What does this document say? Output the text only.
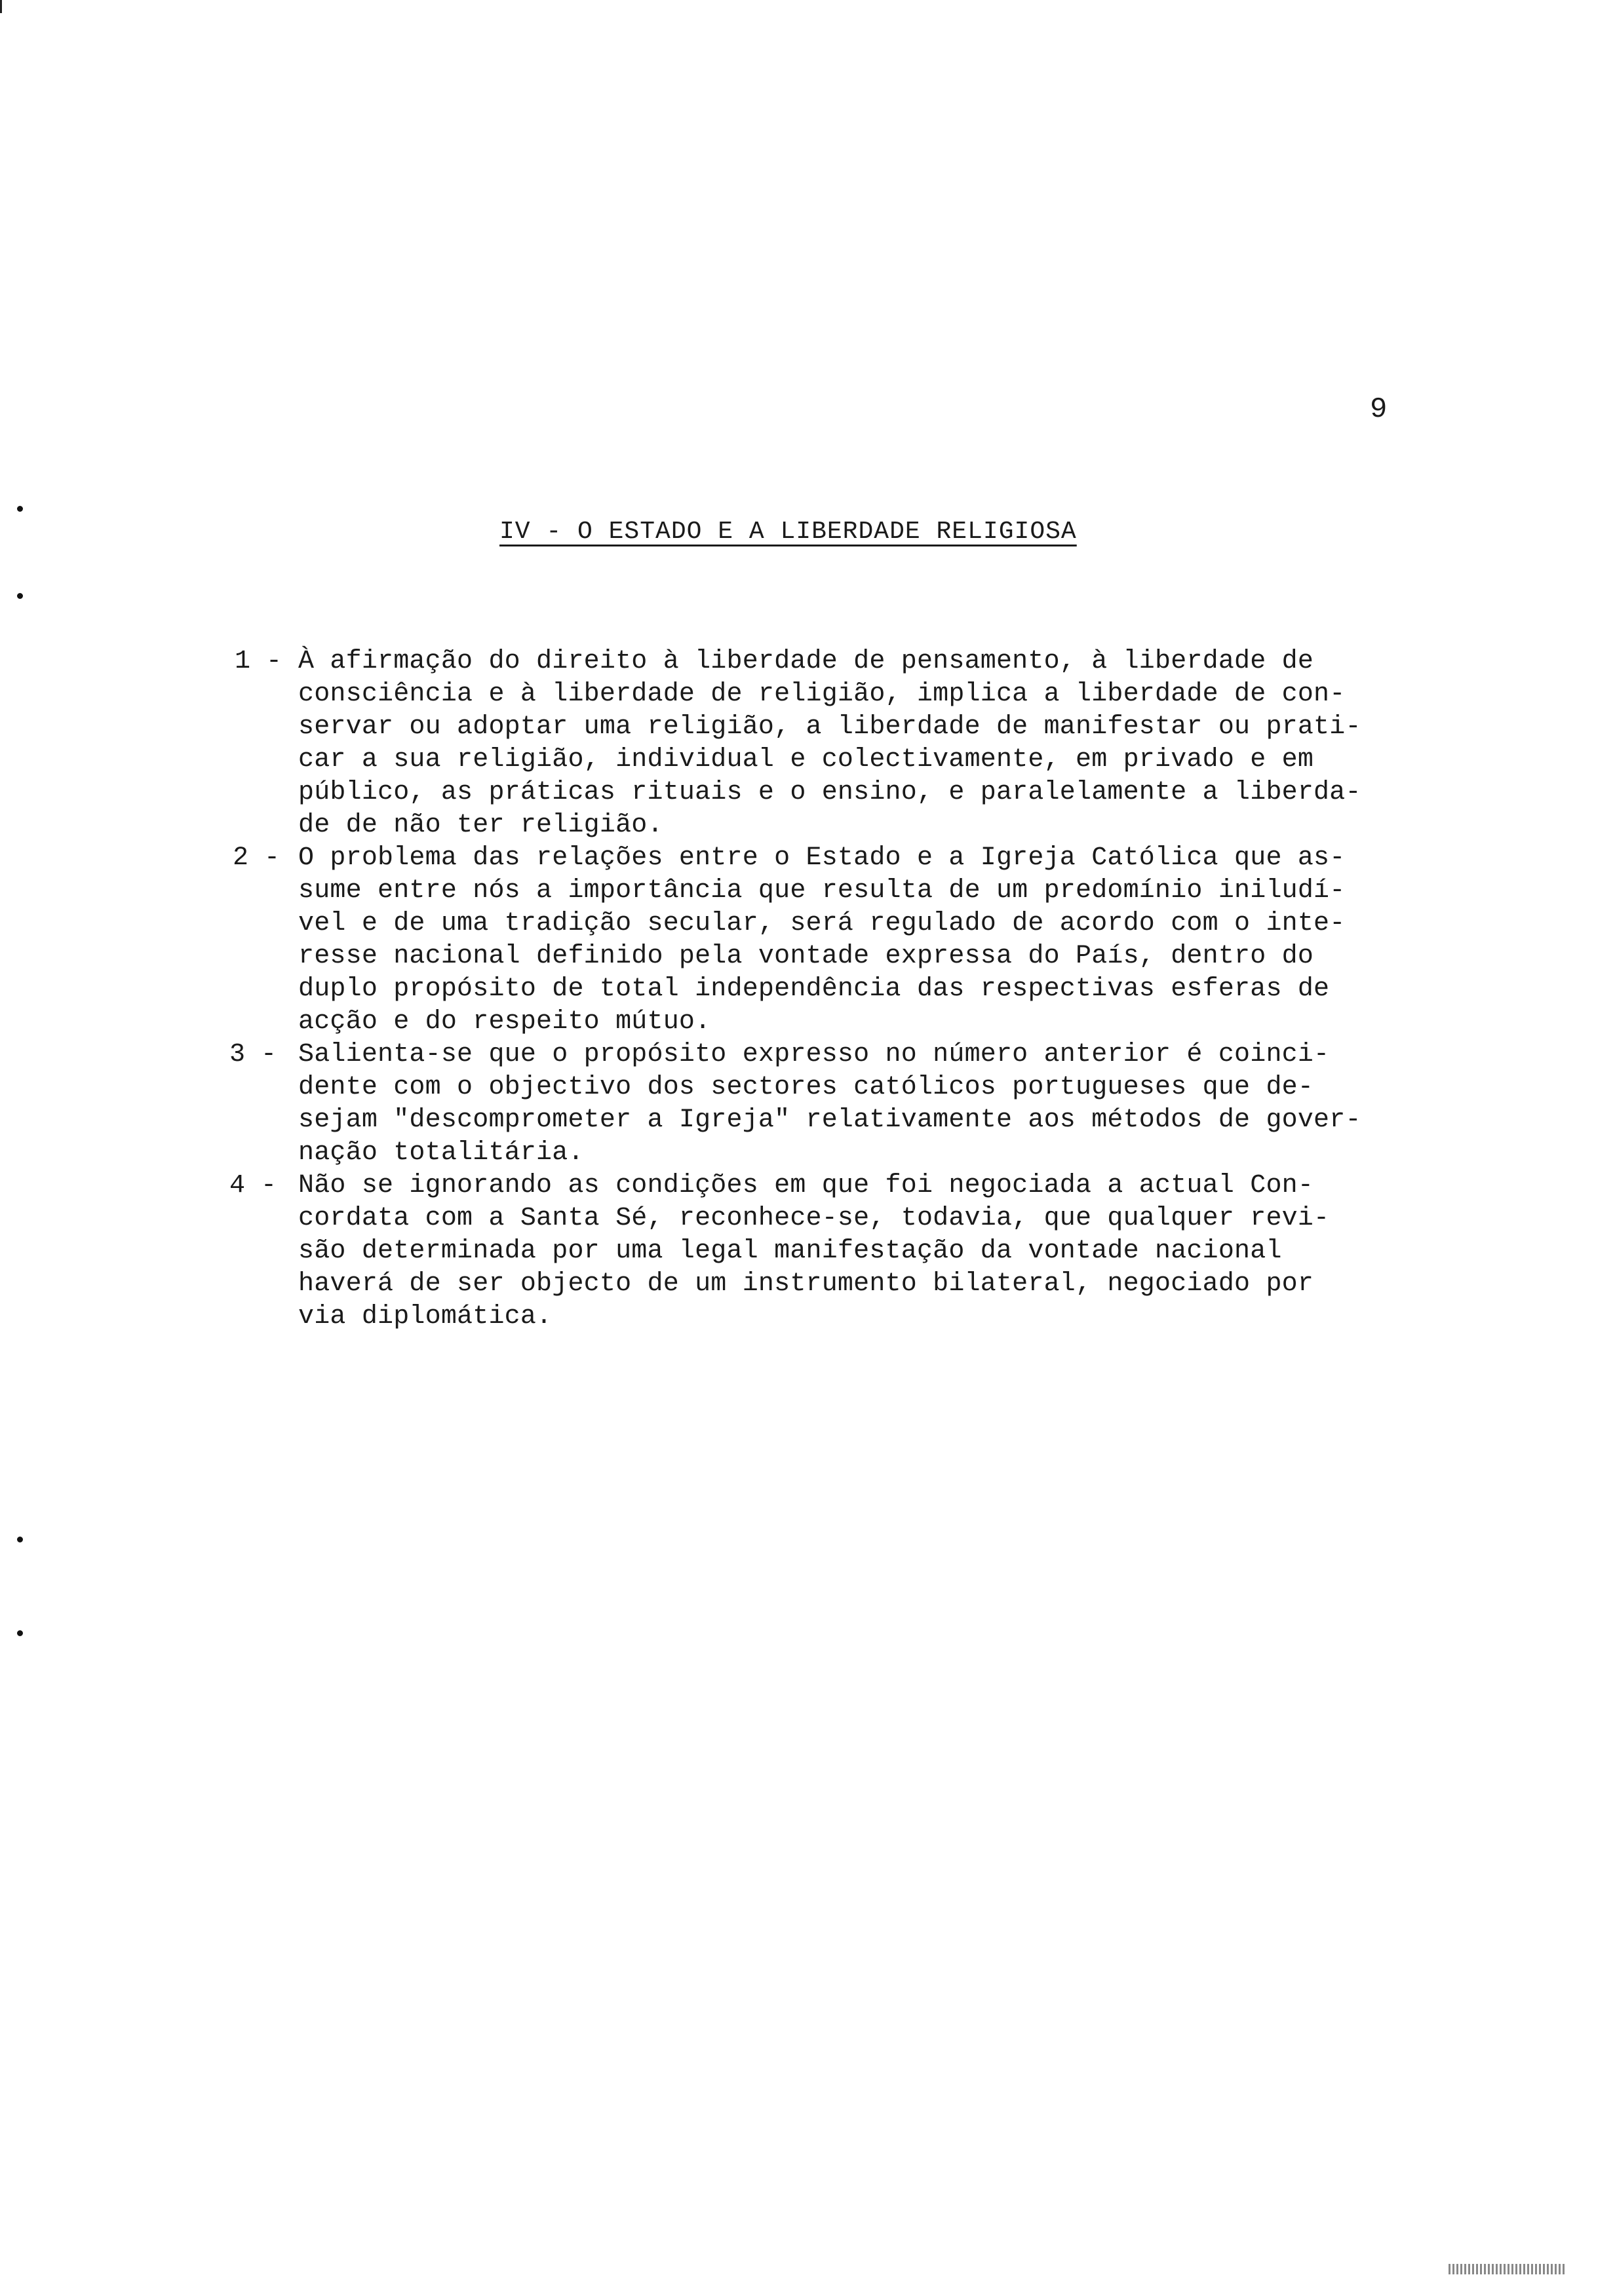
9
IV - O ESTADO E A LIBERDADE RELIGIOSA
1 - À afirmação do direito à liberdade de pensamento, à liberdade de
consciência e à liberdade de religião, implica a liberdade de con-
servar ou adoptar uma religião, a liberdade de manifestar ou prati-
car a sua religião, individual e colectivamente, em privado e em
público, as práticas rituais e o ensino, e paralelamente a liberda-
de de não ter religião.
2 - O problema das relações entre o Estado e a Igreja Católica que as-
sume entre nós a importância que resulta de um predomínio iniludí-
vel e de uma tradição secular, será regulado de acordo com o inte-
resse nacional definido pela vontade expressa do País, dentro do
duplo propósito de total independência das respectivas esferas de
acção e do respeito mútuo.
3 - Salienta-se que o propósito expresso no número anterior é coinci-
dente com o objectivo dos sectores católicos portugueses que de-
sejam "descomprometer a Igreja" relativamente aos métodos de gover-
nação totalitária.
4 - Não se ignorando as condições em que foi negociada a actual Con-
cordata com a Santa Sé, reconhece-se, todavia, que qualquer revi-
são determinada por uma legal manifestação da vontade nacional
haverá de ser objecto de um instrumento bilateral, negociado por
via diplomática.
